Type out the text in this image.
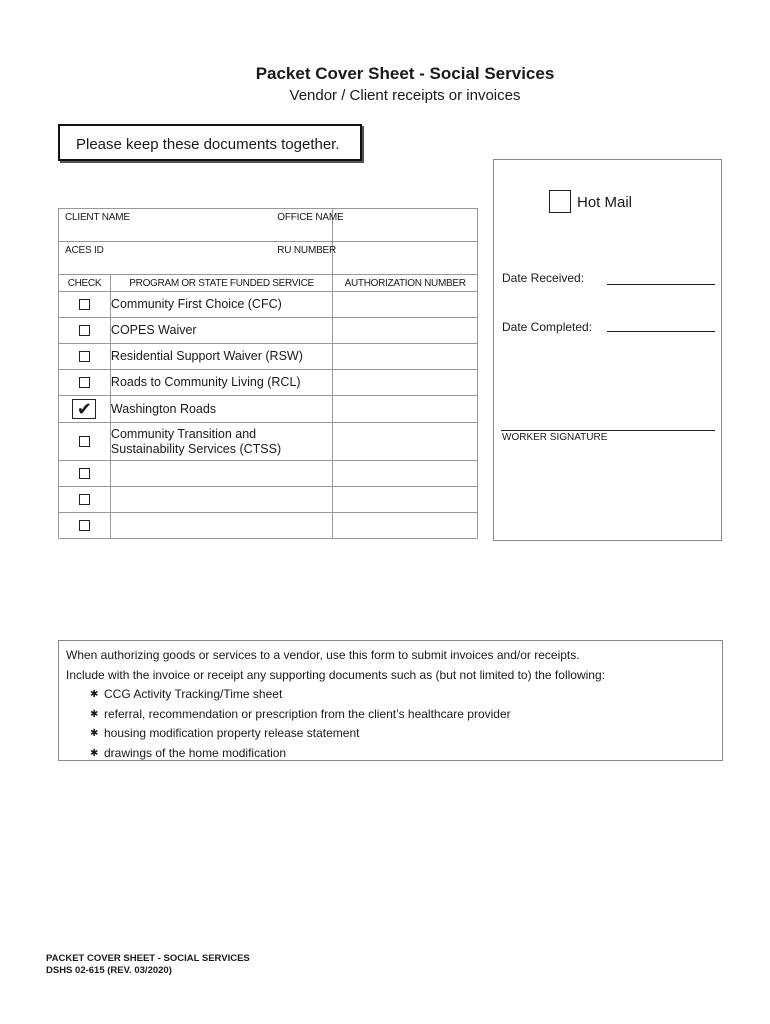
Packet Cover Sheet - Social Services
Vendor / Client receipts or invoices
Please keep these documents together.
CLIENT NAME		OFFICE NAME

ACES ID		RU NUMBER

CHECK	PROGRAM OR STATE FUNDED SERVICE	AUTHORIZATION NUMBER
	Community First Choice (CFC)	
	COPES Waiver	
	Residential Support Waiver (RSW)	
	Roads to Community Living (RCL)	
✔	Washington Roads	

	Community Transition and
Sustainability Services (CTSS)	

Hot Mail
Date Received:
Date Completed:
WORKER SIGNATURE
When authorizing goods or services to a vendor, use this form to submit invoices and/or receipts.
Include with the invoice or receipt any supporting documents such as (but not limited to) the following:
✱ CCG Activity Tracking/Time sheet
✱ referral, recommendation or prescription from the client’s healthcare provider
✱ housing modification property release statement
✱ drawings of the home modification
PACKET COVER SHEET - SOCIAL SERVICES
DSHS 02-615 (REV. 03/2020)
